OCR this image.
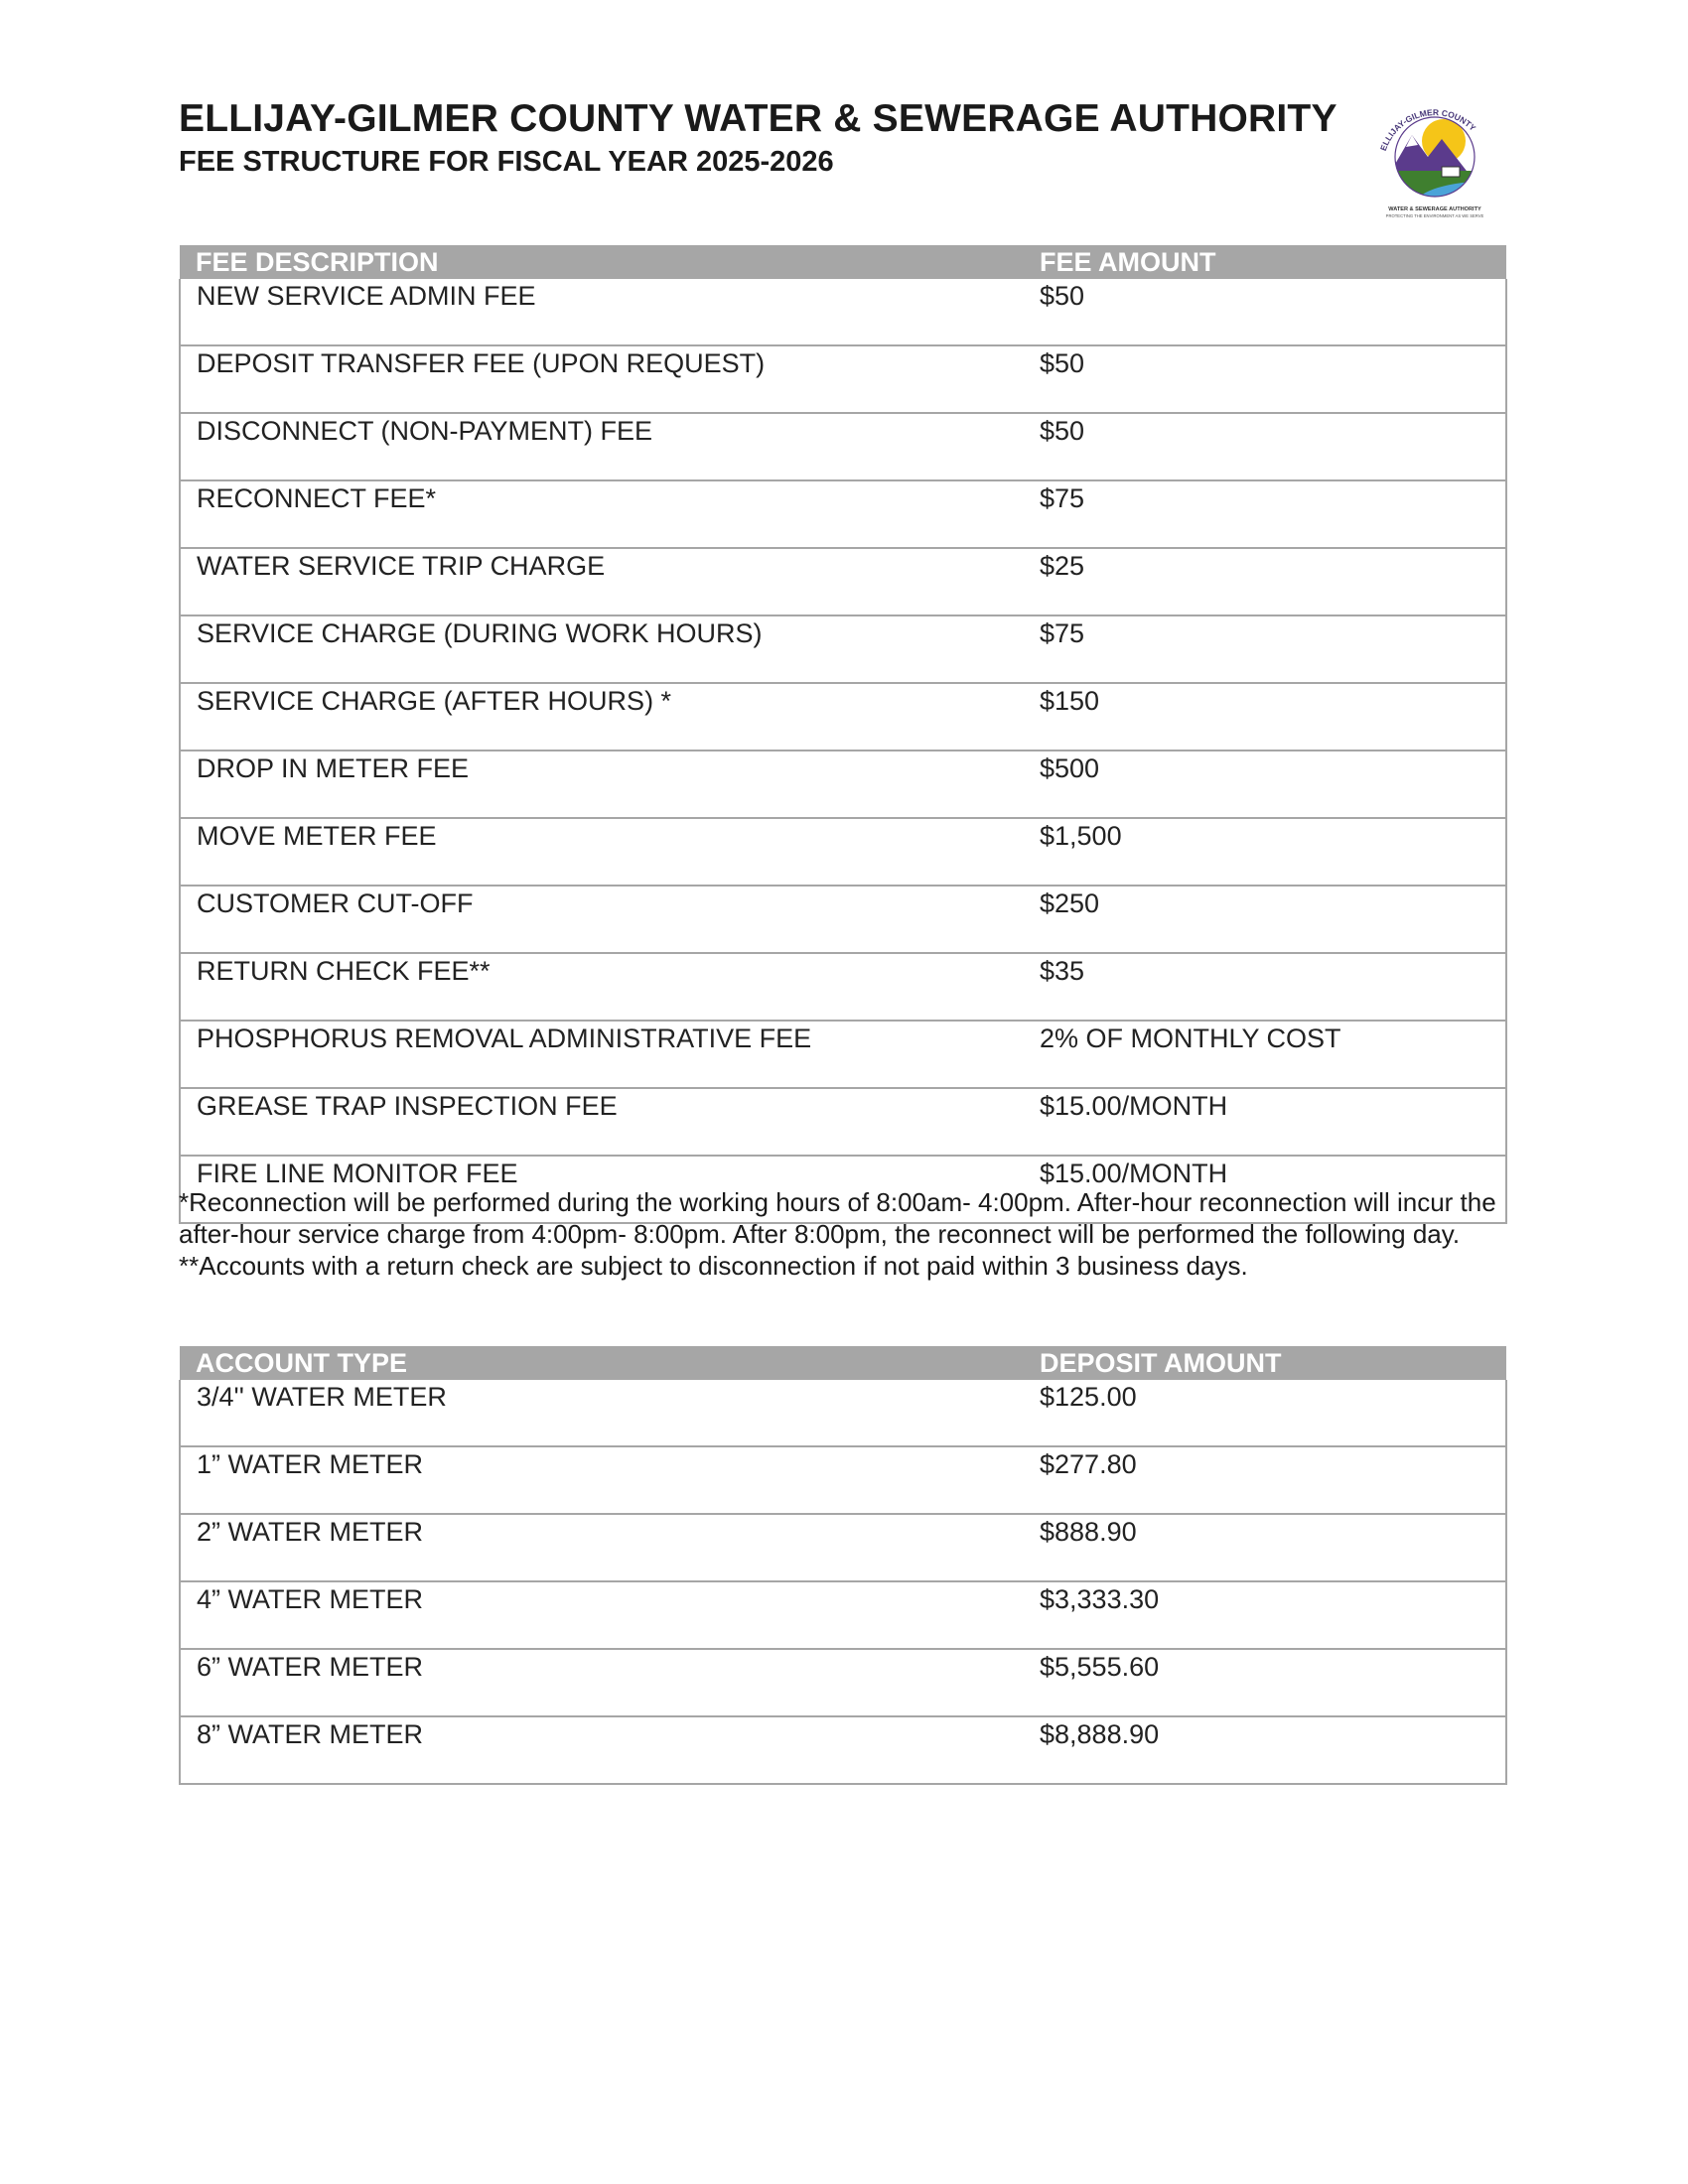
ELLIJAY-GILMER COUNTY WATER & SEWERAGE AUTHORITY
FEE STRUCTURE FOR FISCAL YEAR 2025-2026	ELLIJAY-GILMER COUNTY
WATER & SEWERAGE AUTHORITY
PROTECTING THE ENVIRONMENT AS WE SERVE
FEE DESCRIPTION	FEE AMOUNT
NEW SERVICE ADMIN FEE	$50
DEPOSIT TRANSFER FEE (UPON REQUEST)	$50
DISCONNECT (NON-PAYMENT) FEE	$50
RECONNECT FEE*	$75
WATER SERVICE TRIP CHARGE	$25
SERVICE CHARGE (DURING WORK HOURS)	$75
SERVICE CHARGE (AFTER HOURS) *	$150
DROP IN METER FEE	$500
MOVE METER FEE	$1,500
CUSTOMER CUT-OFF	$250
RETURN CHECK FEE**	$35
PHOSPHORUS REMOVAL ADMINISTRATIVE FEE	2% OF MONTHLY COST
GREASE TRAP INSPECTION FEE	$15.00/MONTH
FIRE LINE MONITOR FEE	$15.00/MONTH

*Reconnection will be performed during the working hours of 8:00am- 4:00pm. After-hour reconnection will incur the after-hour service charge from 4:00pm- 8:00pm. After 8:00pm, the reconnect will be performed the following day.

**Accounts with a return check are subject to disconnection if not paid within 3 business days.

ACCOUNT TYPE	DEPOSIT AMOUNT
3/4'' WATER METER	$125.00
1” WATER METER	$277.80
2” WATER METER	$888.90
4” WATER METER	$3,333.30
6” WATER METER	$5,555.60
8” WATER METER	$8,888.90
